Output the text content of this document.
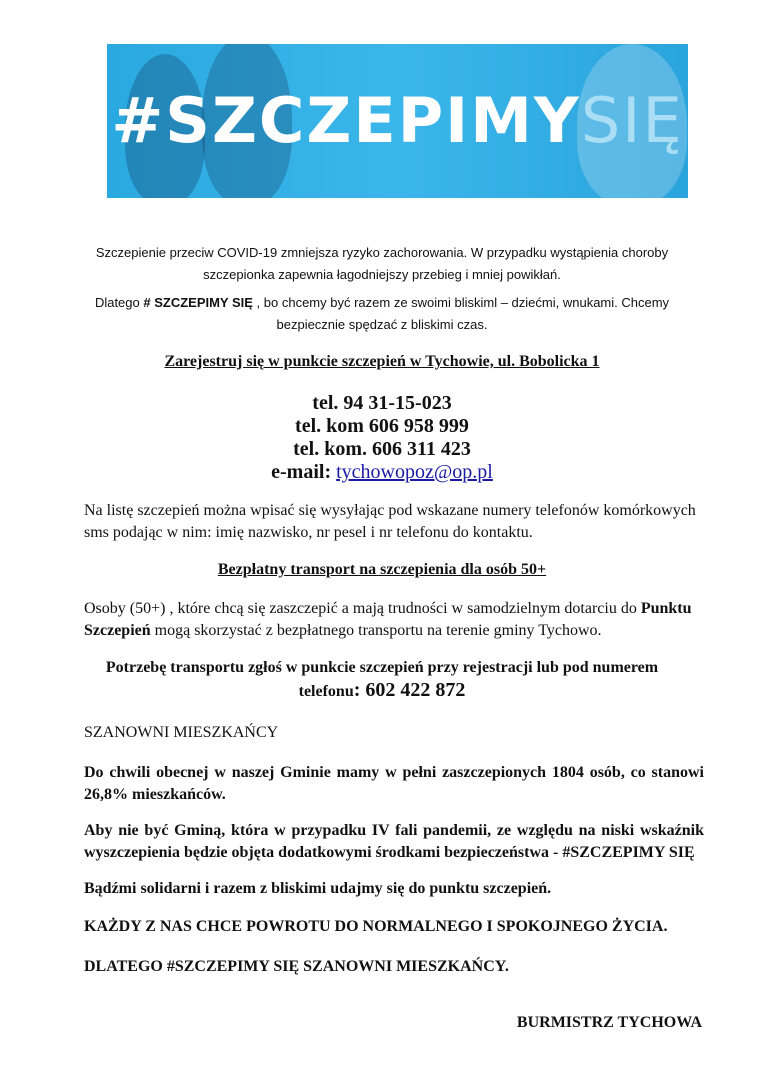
#SZCZEPIMYSIĘ
Szczepienie przeciw COVID-19 zmniejsza ryzyko zachorowania. W przypadku wystąpienia choroby szczepionka zapewnia łagodniejszy przebieg i mniej powikłań.
Dlatego # SZCZEPIMY SIĘ , bo chcemy być razem ze swoimi bliskiml – dziećmi, wnukami. Chcemy bezpiecznie spędzać z bliskimi czas.
Zarejestruj się w punkcie szczepień w Tychowie, ul. Bobolicka 1
tel. 94 31-15-023
tel. kom 606 958 999
tel. kom. 606 311 423
e-mail: tychowopoz@op.pl
Na listę szczepień można wpisać się wysyłając pod wskazane numery telefonów komórkowych sms podając w nim: imię nazwisko, nr pesel i nr telefonu do kontaktu.
Bezpłatny transport na szczepienia dla osób 50+
Osoby (50+) , które chcą się zaszczepić a mają trudności w samodzielnym dotarciu do Punktu Szczepień mogą skorzystać z bezpłatnego transportu na terenie gminy Tychowo.
Potrzebę transportu zgłoś w punkcie szczepień przy rejestracji lub pod numerem telefonu: 602 422 872
SZANOWNI MIESZKAŃCY
Do chwili obecnej w naszej Gminie mamy w pełni zaszczepionych 1804 osób, co stanowi 26,8% mieszkańców.
Aby nie być Gminą, która w przypadku IV fali pandemii, ze względu na niski wskaźnik wyszczepienia będzie objęta dodatkowymi środkami bezpieczeństwa - #SZCZEPIMY SIĘ
Bądźmi solidarni i razem z bliskimi udajmy się do punktu szczepień.
KAŻDY Z NAS CHCE POWROTU DO NORMALNEGO I SPOKOJNEGO ŻYCIA.
DLATEGO #SZCZEPIMY SIĘ SZANOWNI MIESZKAŃCY.
BURMISTRZ TYCHOWA
